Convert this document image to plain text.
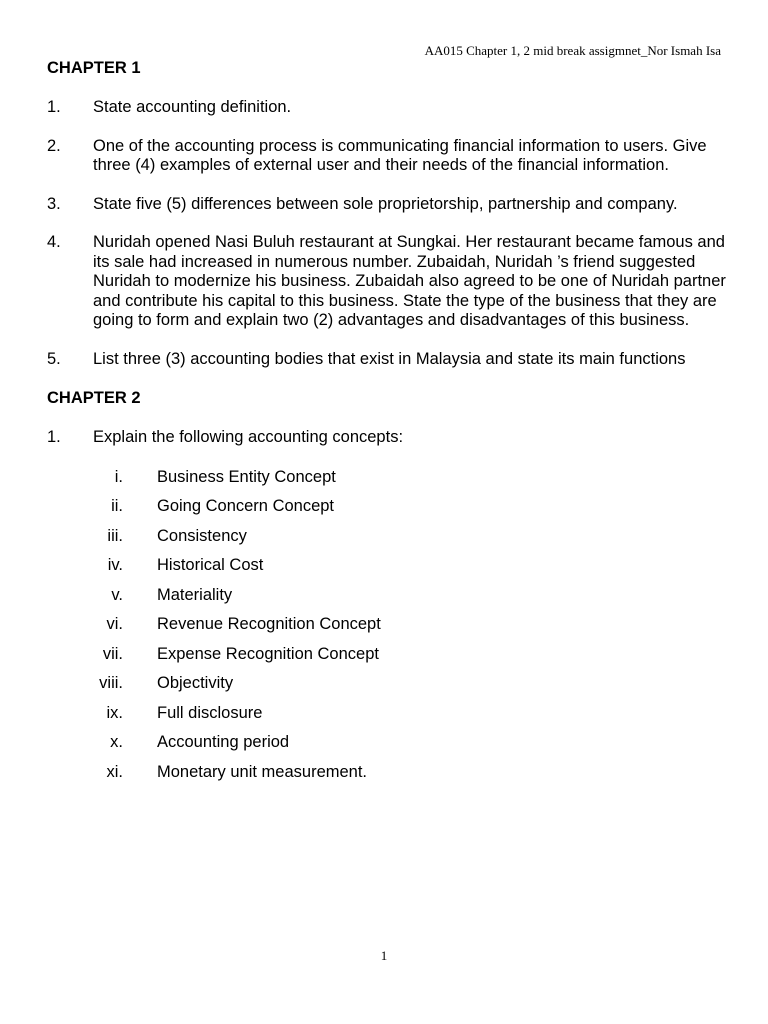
AA015 Chapter 1, 2 mid break assigmnet_Nor Ismah Isa
CHAPTER 1
1. State accounting definition.
2. One of the accounting process is communicating financial information to users. Give three (4) examples of external user and their needs of the financial information.
3. State five (5) differences between sole proprietorship, partnership and company.
4. Nuridah opened Nasi Buluh restaurant at Sungkai. Her restaurant became famous and its sale had increased in numerous number. Zubaidah, Nuridah ’s friend suggested Nuridah to modernize his business. Zubaidah also agreed to be one of Nuridah partner and contribute his capital to this business. State the type of the business that they are going to form and explain two (2) advantages and disadvantages of this business.
5. List three (3) accounting bodies that exist in Malaysia and state its main functions
CHAPTER 2
1. Explain the following accounting concepts:
i. Business Entity Concept
ii. Going Concern Concept
iii. Consistency
iv. Historical Cost
v. Materiality
vi. Revenue Recognition Concept
vii. Expense Recognition Concept
viii. Objectivity
ix. Full disclosure
x. Accounting period
xi. Monetary unit measurement.
1
